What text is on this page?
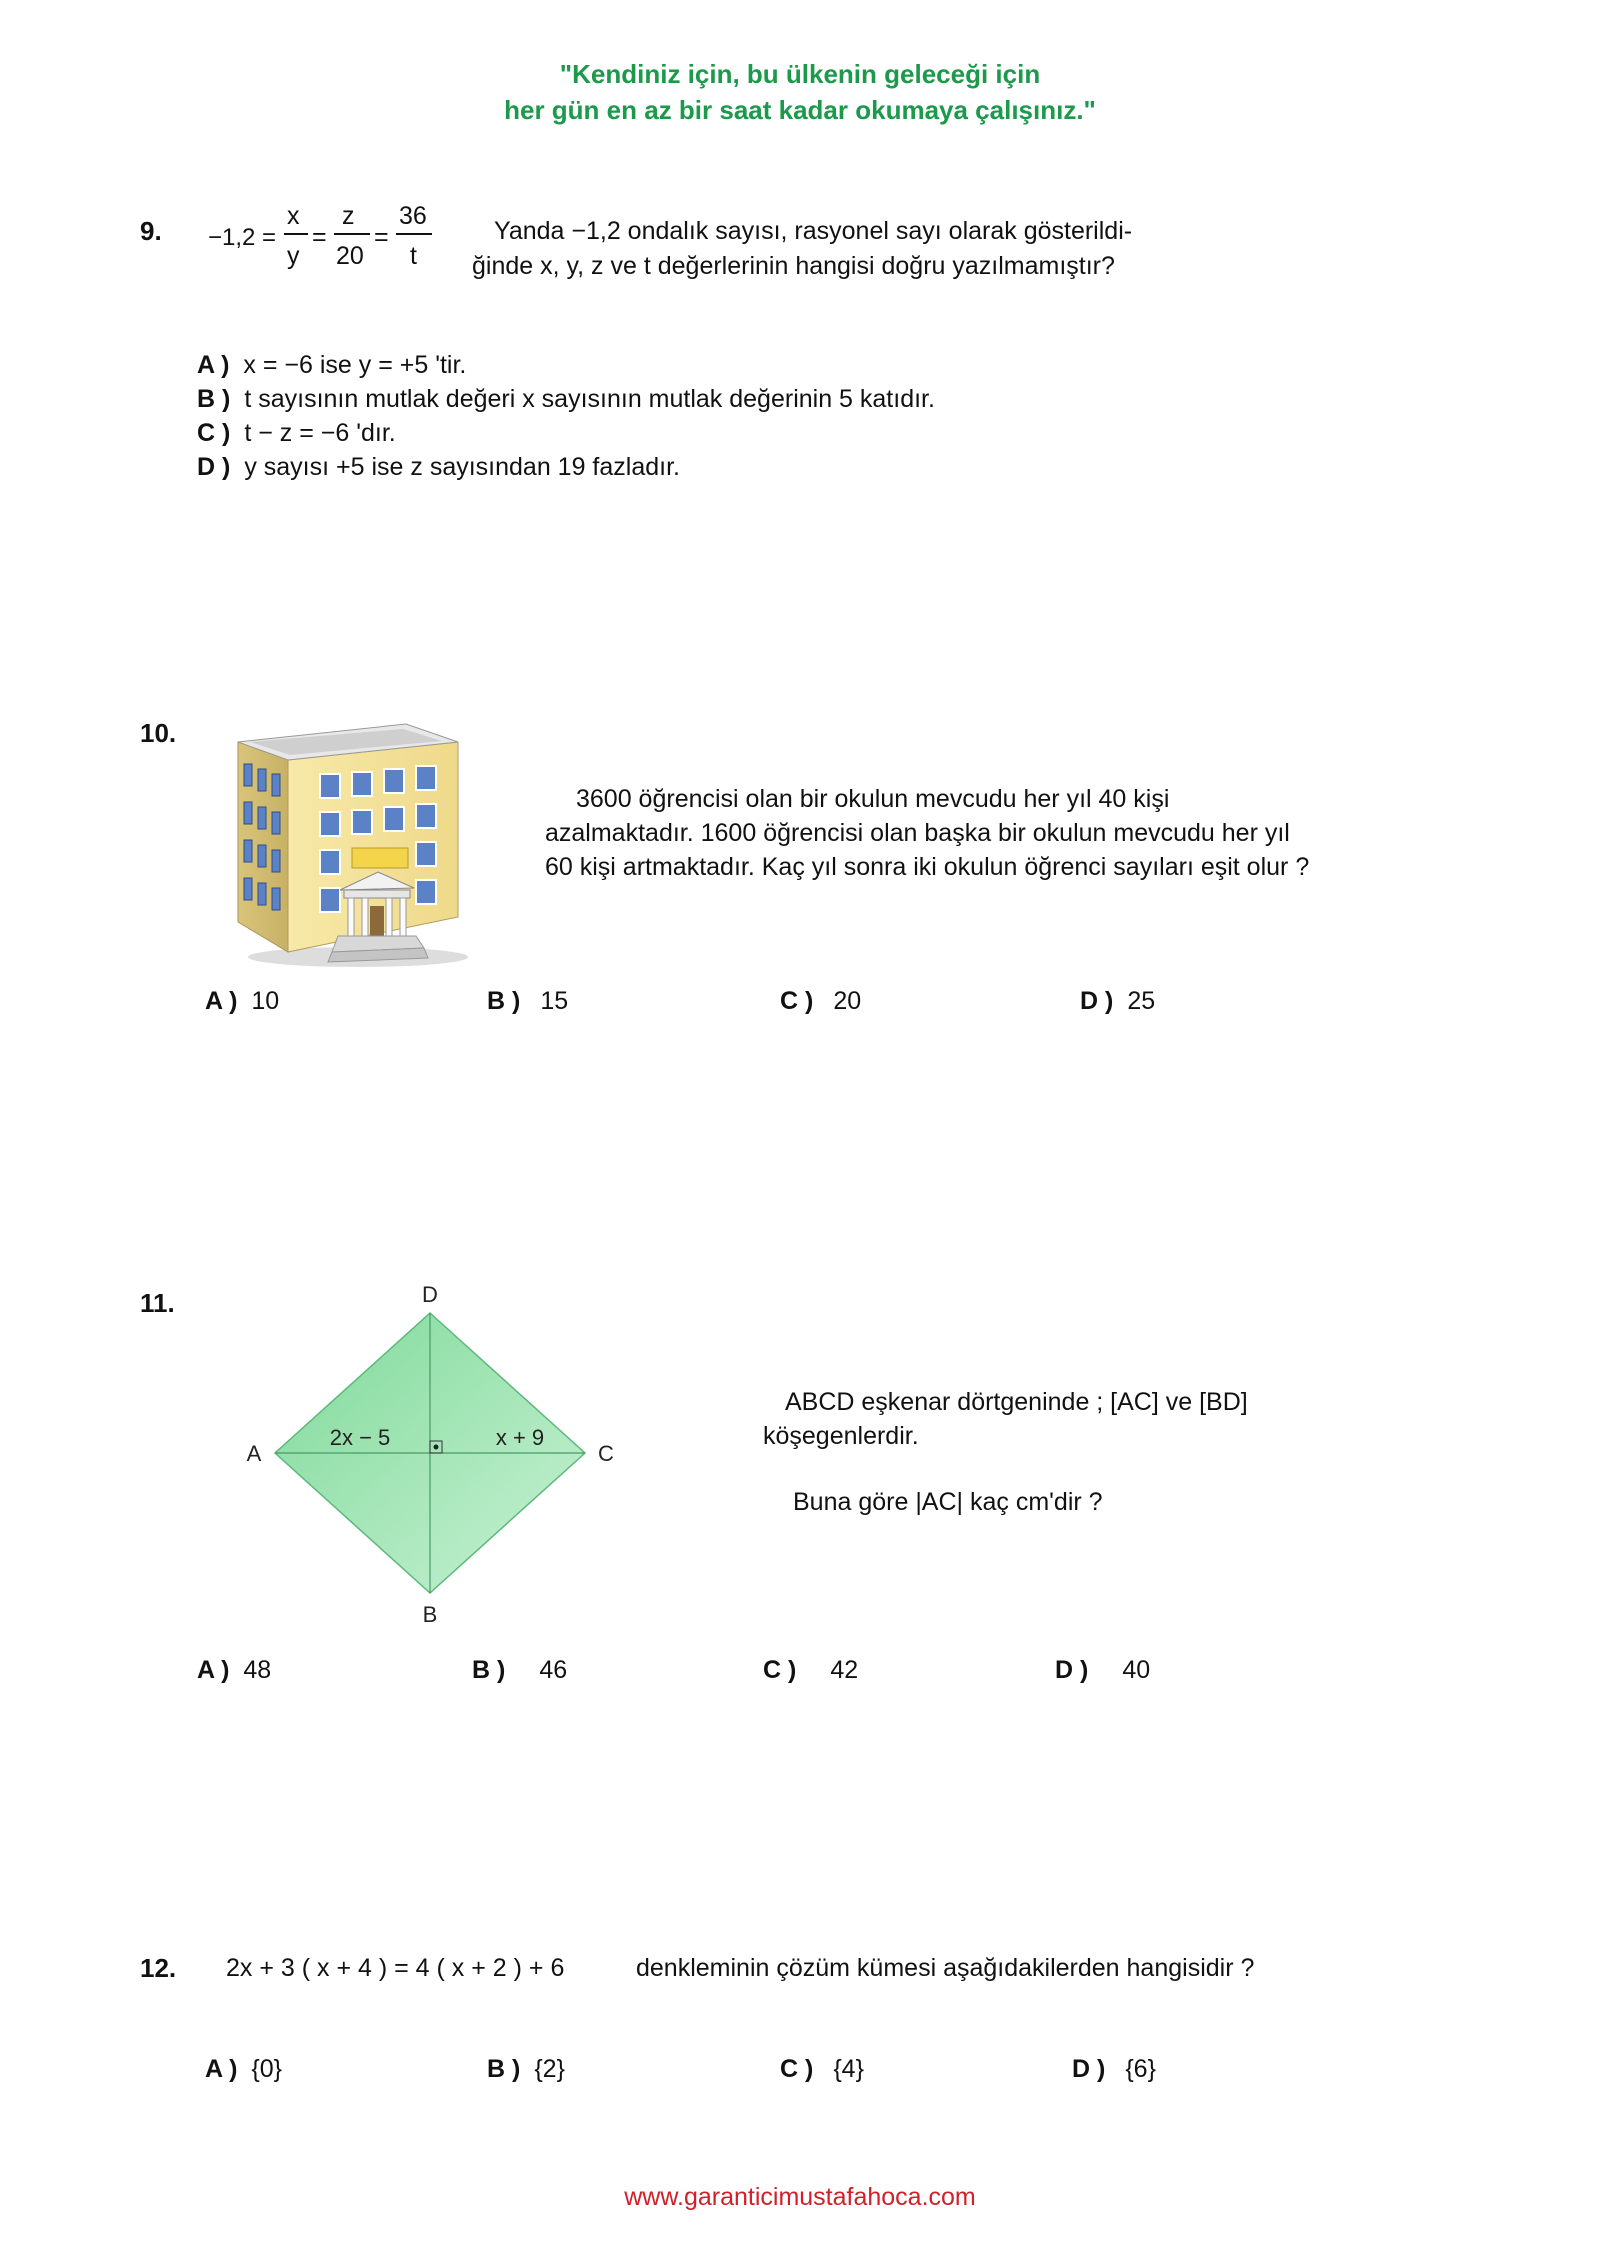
"Kendiniz için, bu ülkenin geleceği için
her gün en az bir saat kadar okumaya çalışınız."
9. −1,2 =
x
y
=
z
20
=
36
t
Yanda −1,2 ondalık sayısı, rasyonel sayı olarak gösterildi-
ğinde x, y, z ve t değerlerinin hangisi doğru yazılmamıştır?
A ) x = −6 ise y = +5 'tir.
B ) t sayısının mutlak değeri x sayısının mutlak değerinin 5 katıdır.
C ) t − z = −6 'dır.
D ) y sayısı +5 ise z sayısından 19 fazladır.
10.
3600 öğrencisi olan bir okulun mevcudu her yıl 40 kişi
azalmaktadır. 1600 öğrencisi olan başka bir okulun mevcudu her yıl
60 kişi artmaktadır. Kaç yıl sonra iki okulun öğrenci sayıları eşit olur ?
A ) 10	B ) 15	C ) 20	D ) 25
11.	D
B
A	C
2x − 5	x + 9
ABCD eşkenar dörtgeninde ; [AC] ve [BD]
köşegenlerdir.
Buna göre |AC| kaç cm'dir ?
A ) 48	B ) 46	C ) 42	D ) 40
12. 2x + 3 ( x + 4 ) = 4 ( x + 2 ) + 6	denkleminin çözüm kümesi aşağıdakilerden hangisidir ?
A ) {0}	B ) {2}	C ) {4}	D ) {6}
www.garanticimustafahoca.com
